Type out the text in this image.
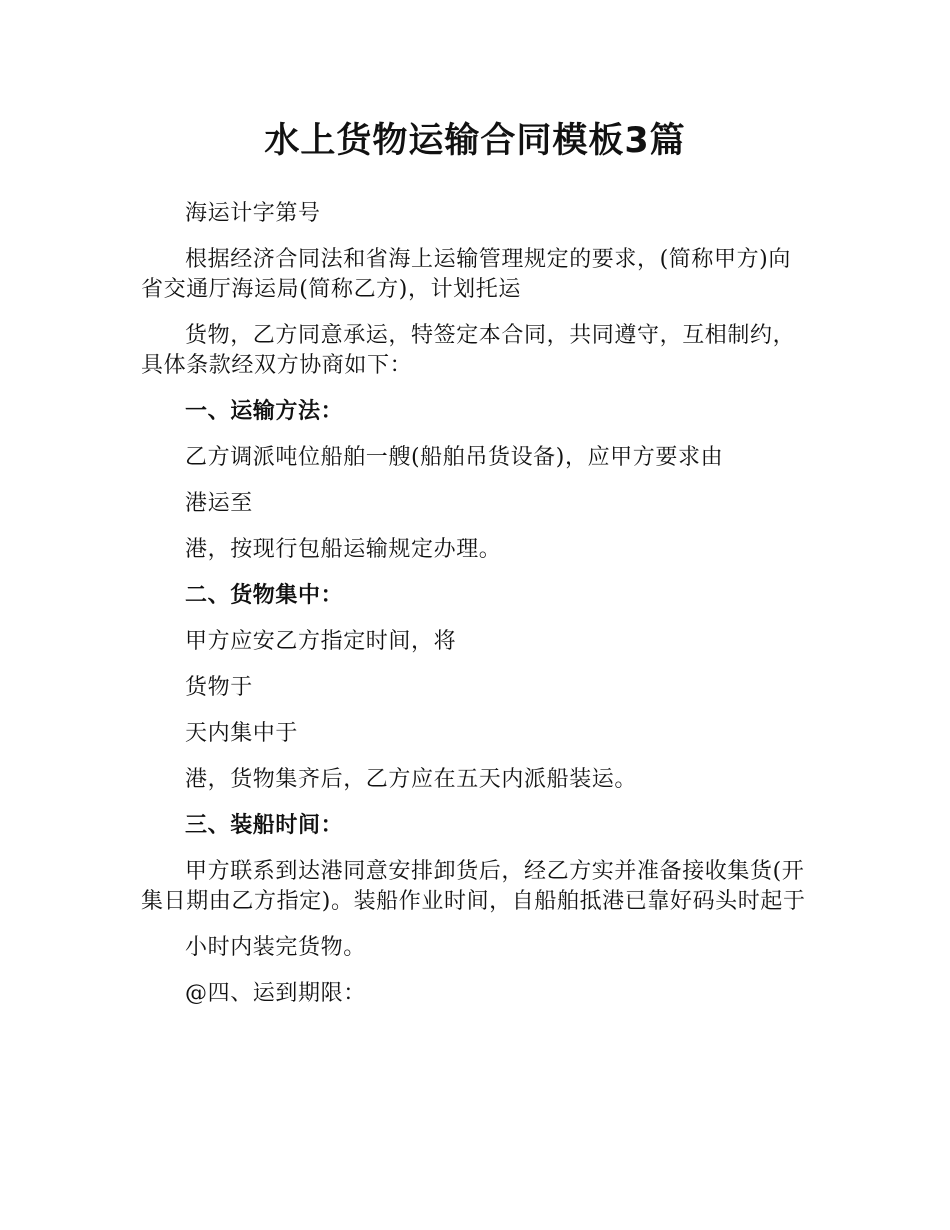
水上货物运输合同模板3篇

海运计字第号

根据经济合同法和省海上运输管理规定的要求，(简称甲方)向省交通厅海运局(简称乙方)，计划托运

货物，乙方同意承运，特签定本合同，共同遵守，互相制约，具体条款经双方协商如下：

一、运输方法：

乙方调派吨位船舶一艘(船舶吊货设备)，应甲方要求由

港运至

港，按现行包船运输规定办理。

二、货物集中：

甲方应安乙方指定时间，将

货物于

天内集中于

港，货物集齐后，乙方应在五天内派船装运。

三、装船时间：

甲方联系到达港同意安排卸货后，经乙方实并准备接收集货(开集日期由乙方指定)。装船作业时间，自船舶抵港已靠好码头时起于

小时内装完货物。

@四、运到期限：
